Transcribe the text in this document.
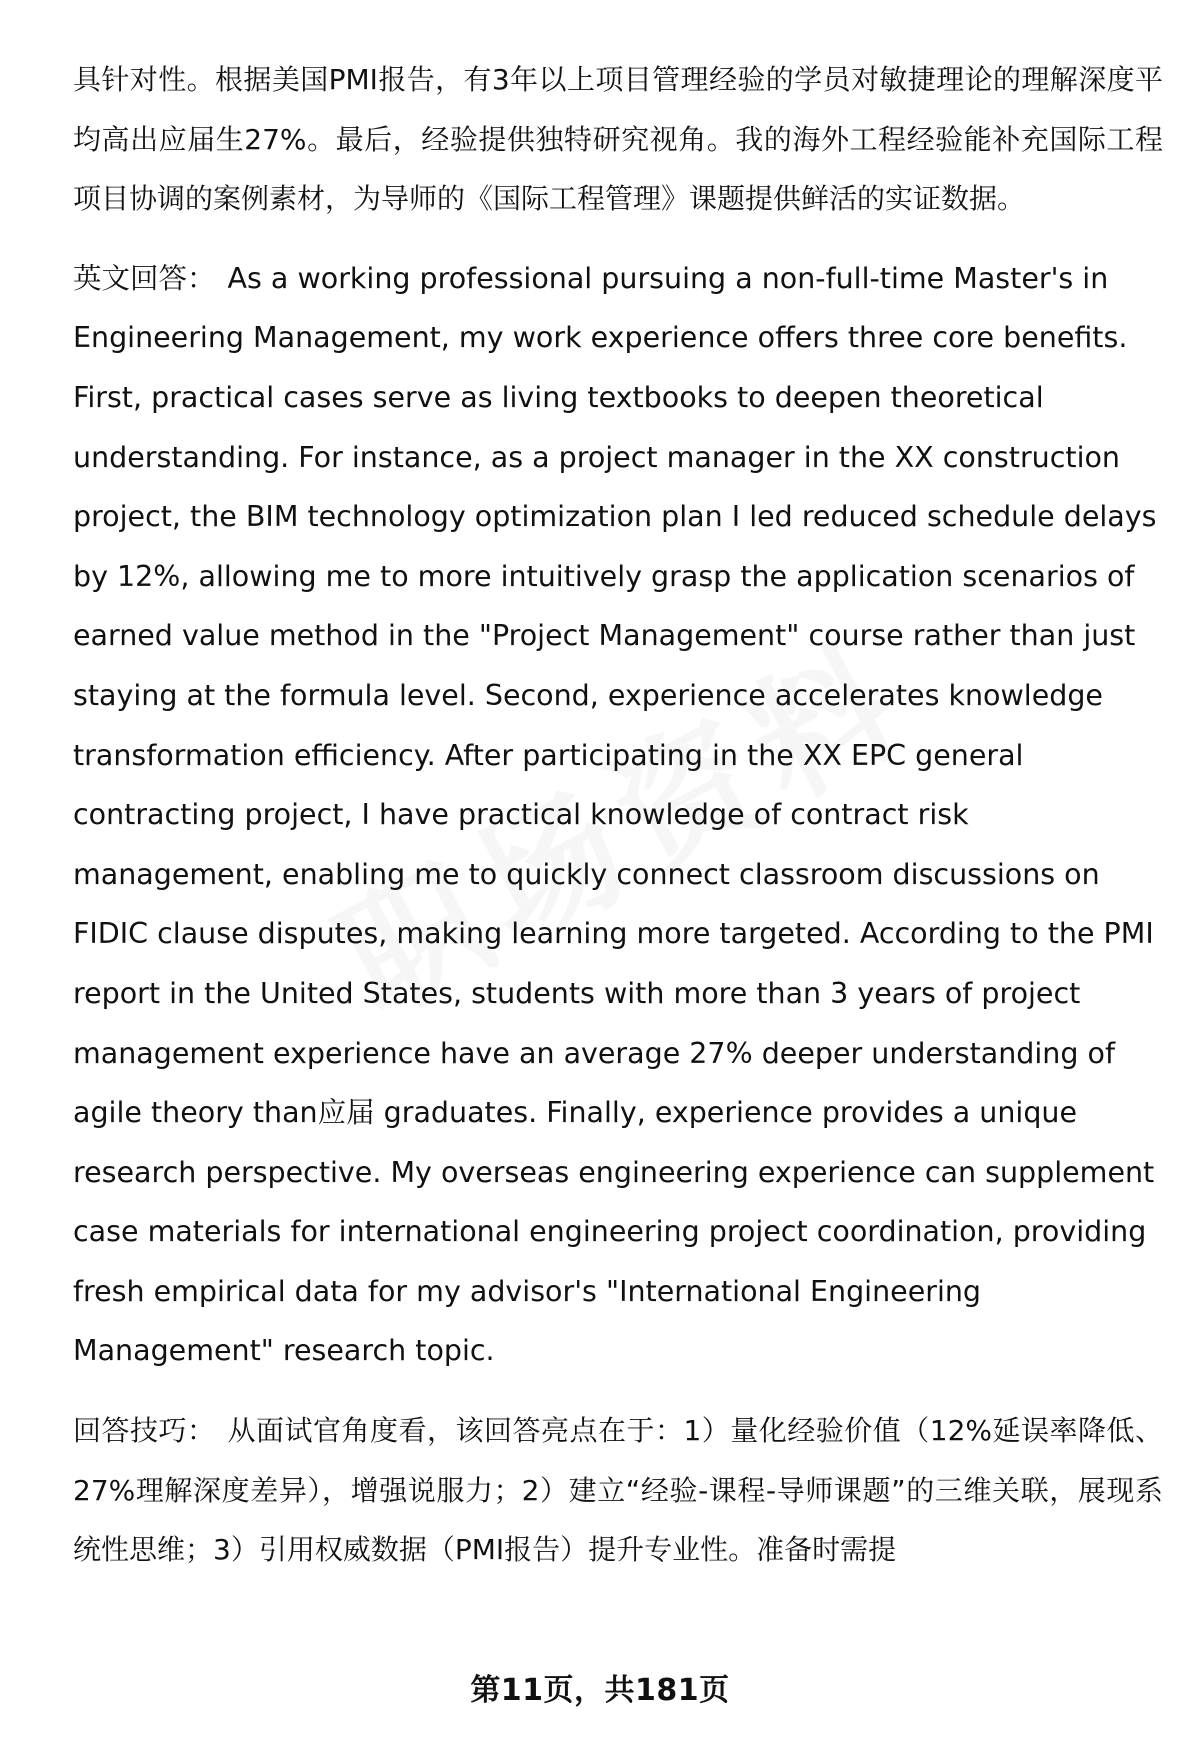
具针对性。根据美国PMI报告，有3年以上项目管理经验的学员对敏捷理论的理解深度平均高出应届生27%。最后，经验提供独特研究视角。我的海外工程经验能补充国际工程项目协调的案例素材，为导师的《国际工程管理》课题提供鲜活的实证数据。

英文回答： As a working professional pursuing a non-full-time Master's in Engineering Management, my work experience offers three core benefits. First, practical cases serve as living textbooks to deepen theoretical understanding. For instance, as a project manager in the XX construction project, the BIM technology optimization plan I led reduced schedule delays by 12%, allowing me to more intuitively grasp the application scenarios of earned value method in the "Project Management" course rather than just staying at the formula level. Second, experience accelerates knowledge transformation efficiency. After participating in the XX EPC general contracting project, I have practical knowledge of contract risk management, enabling me to quickly connect classroom discussions on FIDIC clause disputes, making learning more targeted. According to the PMI report in the United States, students with more than 3 years of project management experience have an average 27% deeper understanding of agile theory than应届 graduates. Finally, experience provides a unique research perspective. My overseas engineering experience can supplement case materials for international engineering project coordination, providing fresh empirical data for my advisor's "International Engineering Management" research topic.

回答技巧： 从面试官角度看，该回答亮点在于：1）量化经验价值（12%延误率降低、27%理解深度差异），增强说服力；2）建立“经验-课程-导师课题”的三维关联，展现系统性思维；3）引用权威数据（PMI报告）提升专业性。准备时需提

第11页，共181页
